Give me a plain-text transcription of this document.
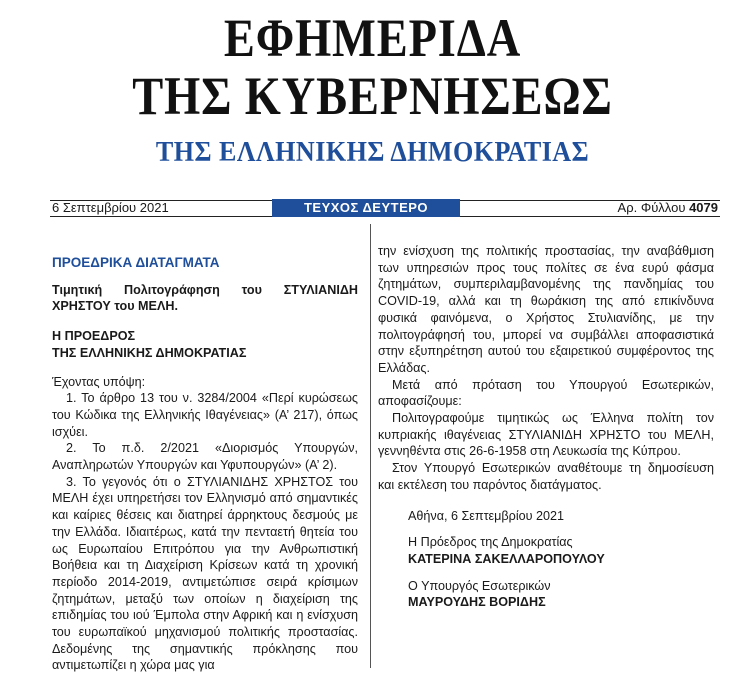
ΕΦΗΜΕΡΙΔΑ
ΤΗΣ ΚΥΒΕΡΝΗΣΕΩΣ
ΤΗΣ ΕΛΛΗΝΙΚΗΣ ΔΗΜΟΚΡΑΤΙΑΣ
6 Σεπτεμβρίου 2021	ΤΕΥΧΟΣ ΔΕΥΤΕΡΟ	Αρ. Φύλλου 4079

ΠΡΟΕΔΡΙΚΑ ΔΙΑΤΑΓΜΑΤΑ

Τιμητική Πολιτογράφηση του ΣΤΥΛΙΑΝΙΔΗ ΧΡΗΣΤΟΥ του ΜΕΛΗ.

Η ΠΡΟΕΔΡΟΣ

ΤΗΣ ΕΛΛΗΝΙΚΗΣ ΔΗΜΟΚΡΑΤΙΑΣ

Έχοντας υπόψη:

1. Το άρθρο 13 του ν. 3284/2004 «Περί κυρώσεως του Κώδικα της Ελληνικής Ιθαγένειας» (Α’ 217), όπως ισχύει.

2. Το π.δ. 2/2021 «Διορισμός Υπουργών, Αναπληρωτών Υπουργών και Υφυπουργών» (Α’ 2).

3. Το γεγονός ότι ο ΣΤΥΛΙΑΝΙΔΗΣ ΧΡΗΣΤΟΣ του ΜΕΛΗ έχει υπηρετήσει τον Ελληνισμό από σημαντικές και καίριες θέσεις και διατηρεί άρρηκτους δεσμούς με την Ελλάδα. Ιδιαιτέρως, κατά την πενταετή θητεία του ως Ευρωπαίου Επιτρόπου για την Ανθρωπιστική Βοήθεια και τη Διαχείριση Κρίσεων κατά τη χρονική περίοδο 2014-2019, αντιμετώπισε σειρά κρίσιμων ζητημάτων, μεταξύ των οποίων η διαχείριση της επιδημίας του ιού Έμπολα στην Αφρική και η ενίσχυση του ευρωπαϊκού μηχανισμού πολιτικής προστασίας. Δεδομένης της σημαντικής πρόκλησης που αντιμετωπίζει η χώρα μας για

την ενίσχυση της πολιτικής προστασίας, την αναβάθμιση των υπηρεσιών προς τους πολίτες σε ένα ευρύ φάσμα ζητημάτων, συμπεριλαμβανομένης της πανδημίας του COVID-19, αλλά και τη θωράκιση της από επικίνδυνα φυσικά φαινόμενα, ο Χρήστος Στυλιανίδης, με την πολιτογράφησή του, μπορεί να συμβάλλει αποφασιστικά στην εξυπηρέτηση αυτού του εξαιρετικού συμφέροντος της Ελλάδας.

Μετά από πρόταση του Υπουργού Εσωτερικών, αποφασίζουμε:

Πολιτογραφούμε τιμητικώς ως Έλληνα πολίτη τον κυπριακής ιθαγένειας ΣΤΥΛΙΑΝΙΔΗ ΧΡΗΣΤΟ του ΜΕΛΗ, γεννηθέντα στις 26-6-1958 στη Λευκωσία της Κύπρου.

Στον Υπουργό Εσωτερικών αναθέτουμε τη δημοσίευση και εκτέλεση του παρόντος διατάγματος.

Αθήνα, 6 Σεπτεμβρίου 2021

Η Πρόεδρος της Δημοκρατίας

ΚΑΤΕΡΙΝΑ ΣΑΚΕΛΛΑΡΟΠΟΥΛΟΥ

Ο Υπουργός Εσωτερικών

ΜΑΥΡΟΥΔΗΣ ΒΟΡΙΔΗΣ
